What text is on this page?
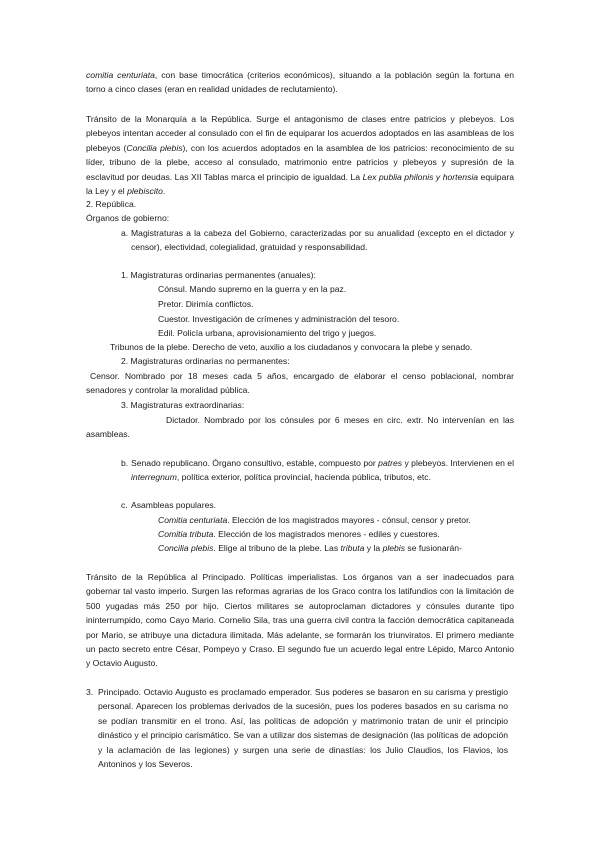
comitia centuriata, con base timocrática (criterios económicos), situando a la población según la fortuna en torno a cinco clases (eran en realidad unidades de reclutamiento).

Tránsito de la Monarquía a la República. Surge el antagonismo de clases entre patricios y plebeyos. Los plebeyos intentan acceder al consulado con el fin de equiparar los acuerdos adoptados en las asambleas de los plebeyos (Concilia plebis), con los acuerdos adoptados en la asamblea de los patricios: reconocimiento de su líder, tribuno de la plebe, acceso al consulado, matrimonio entre patricios y plebeyos y supresión de la esclavitud por deudas. Las XII Tablas marca el principio de igualdad. La Lex publia philonis y hortensia equipara la Ley y el plebiscito.

2. República.

Órganos de gobierno:

a. Magistraturas a la cabeza del Gobierno, caracterizadas por su anualidad (excepto en el dictador y censor), electividad, colegialidad, gratuidad y responsabilidad.

1. Magistraturas ordinarias permanentes (anuales):

Cónsul. Mando supremo en la guerra y en la paz.

Pretor. Dirimía conflictos.

Cuestor. Investigación de crímenes y administración del tesoro.

Edil. Policía urbana, aprovisionamiento del trigo y juegos.

Tribunos de la plebe. Derecho de veto, auxilio a los ciudadanos y convocara la plebe y senado.

2. Magistraturas ordinarias no permanentes:

Censor. Nombrado por 18 meses cada 5 años, encargado de elaborar el censo poblacional, nombrar senadores y controlar la moralidad pública.

3. Magistraturas extraordinarias:

Dictador. Nombrado por los cónsules por 6 meses en circ. extr. No intervenían en las asambleas.

b. Senado republicano. Órgano consultivo, estable, compuesto por patres y plebeyos. Intervienen en el interregnum, política exterior, política provincial, hacienda pública, tributos, etc.

c. Asambleas populares.

Comitia centuriata. Elección de los magistrados mayores - cónsul, censor y pretor.

Comitia tributa. Elección de los magistrados menores - ediles y cuestores.

Concilia plebis. Elige al tribuno de la plebe. Las tributa y la plebis se fusionarán-

Tránsito de la República al Principado. Políticas imperialistas. Los órganos van a ser inadecuados para gobernar tal vasto imperio. Surgen las reformas agrarias de los Graco contra los latifundios con la limitación de 500 yugadas más 250 por hijo. Ciertos militares se autoproclaman dictadores y cónsules durante tipo ininterrumpido, como Cayo Mario. Cornelio Sila, tras una guerra civil contra la facción democrática capitaneada por Mario, se atribuye una dictadura ilimitada. Más adelante, se formarán los triunviratos. El primero mediante un pacto secreto entre César, Pompeyo y Craso. El segundo fue un acuerdo legal entre Lépido, Marco Antonio y Octavio Augusto.

3. Principado. Octavio Augusto es proclamado emperador. Sus poderes se basaron en su carisma y prestigio personal. Aparecen los problemas derivados de la sucesión, pues los poderes basados en su carisma no se podían transmitir en el trono. Así, las políticas de adopción y matrimonio tratan de unir el principio dinástico y el principio carismático. Se van a utilizar dos sistemas de designación (las políticas de adopción y la aclamación de las legiones) y surgen una serie de dinastías: los Julio Claudios, los Flavios, los Antoninos y los Severos.
